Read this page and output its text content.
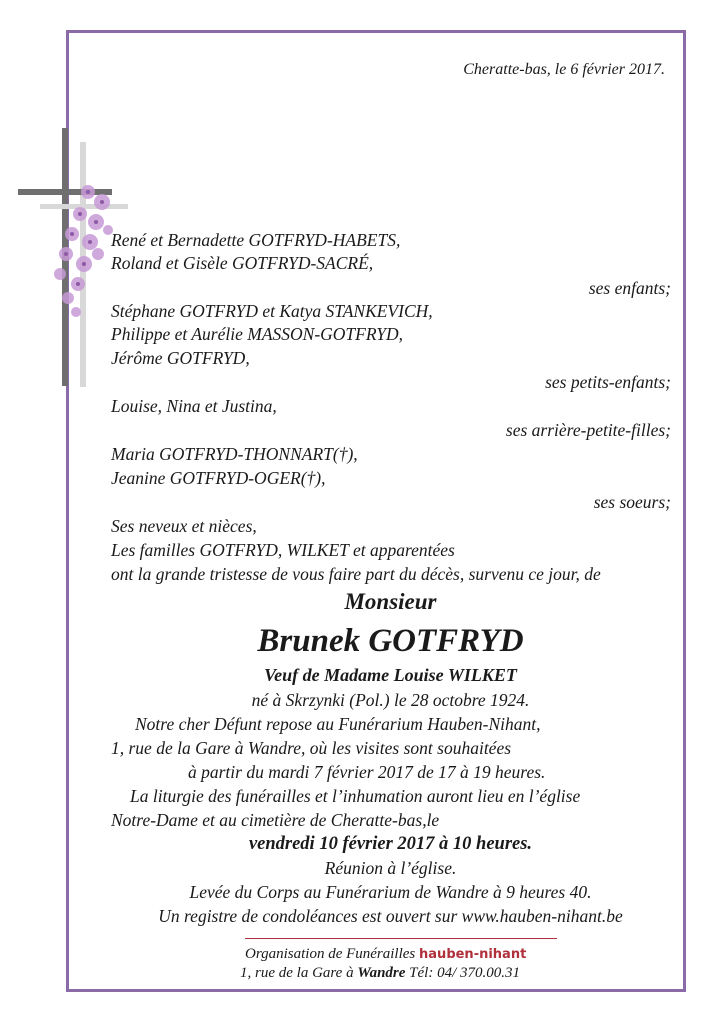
Cheratte-bas, le 6 février 2017.
René et Bernadette GOTFRYD-HABETS,
Roland et Gisèle GOTFRYD-SACRÉ,
ses enfants;
Stéphane GOTFRYD et Katya STANKEVICH,
Philippe et Aurélie MASSON-GOTFRYD,
Jérôme GOTFRYD,
ses petits-enfants;
Louise, Nina et Justina,
ses arrière-petite-filles;
Maria GOTFRYD-THONNART(†),
Jeanine GOTFRYD-OGER(†),
ses soeurs;
Ses neveux et nièces,
Les familles GOTFRYD, WILKET et apparentées
ont la grande tristesse de vous faire part du décès, survenu ce jour, de
Monsieur
Brunek GOTFRYD
Veuf de Madame Louise WILKET
né à Skrzynki (Pol.) le 28 octobre 1924.
Notre cher Défunt repose au Funérarium Hauben-Nihant,
1, rue de la Gare à Wandre, où les visites sont souhaitées
à partir du mardi 7 février 2017 de 17 à 19 heures.
La liturgie des funérailles et l’inhumation auront lieu en l’église
Notre-Dame et au cimetière de Cheratte-bas,le
vendredi 10 février 2017 à 10 heures.
Réunion à l’église.
Levée du Corps au Funérarium de Wandre à 9 heures 40.
Un registre de condoléances est ouvert sur www.hauben-nihant.be
Organisation de Funérailles hauben-nihant
1, rue de la Gare à Wandre Tél: 04/ 370.00.31
